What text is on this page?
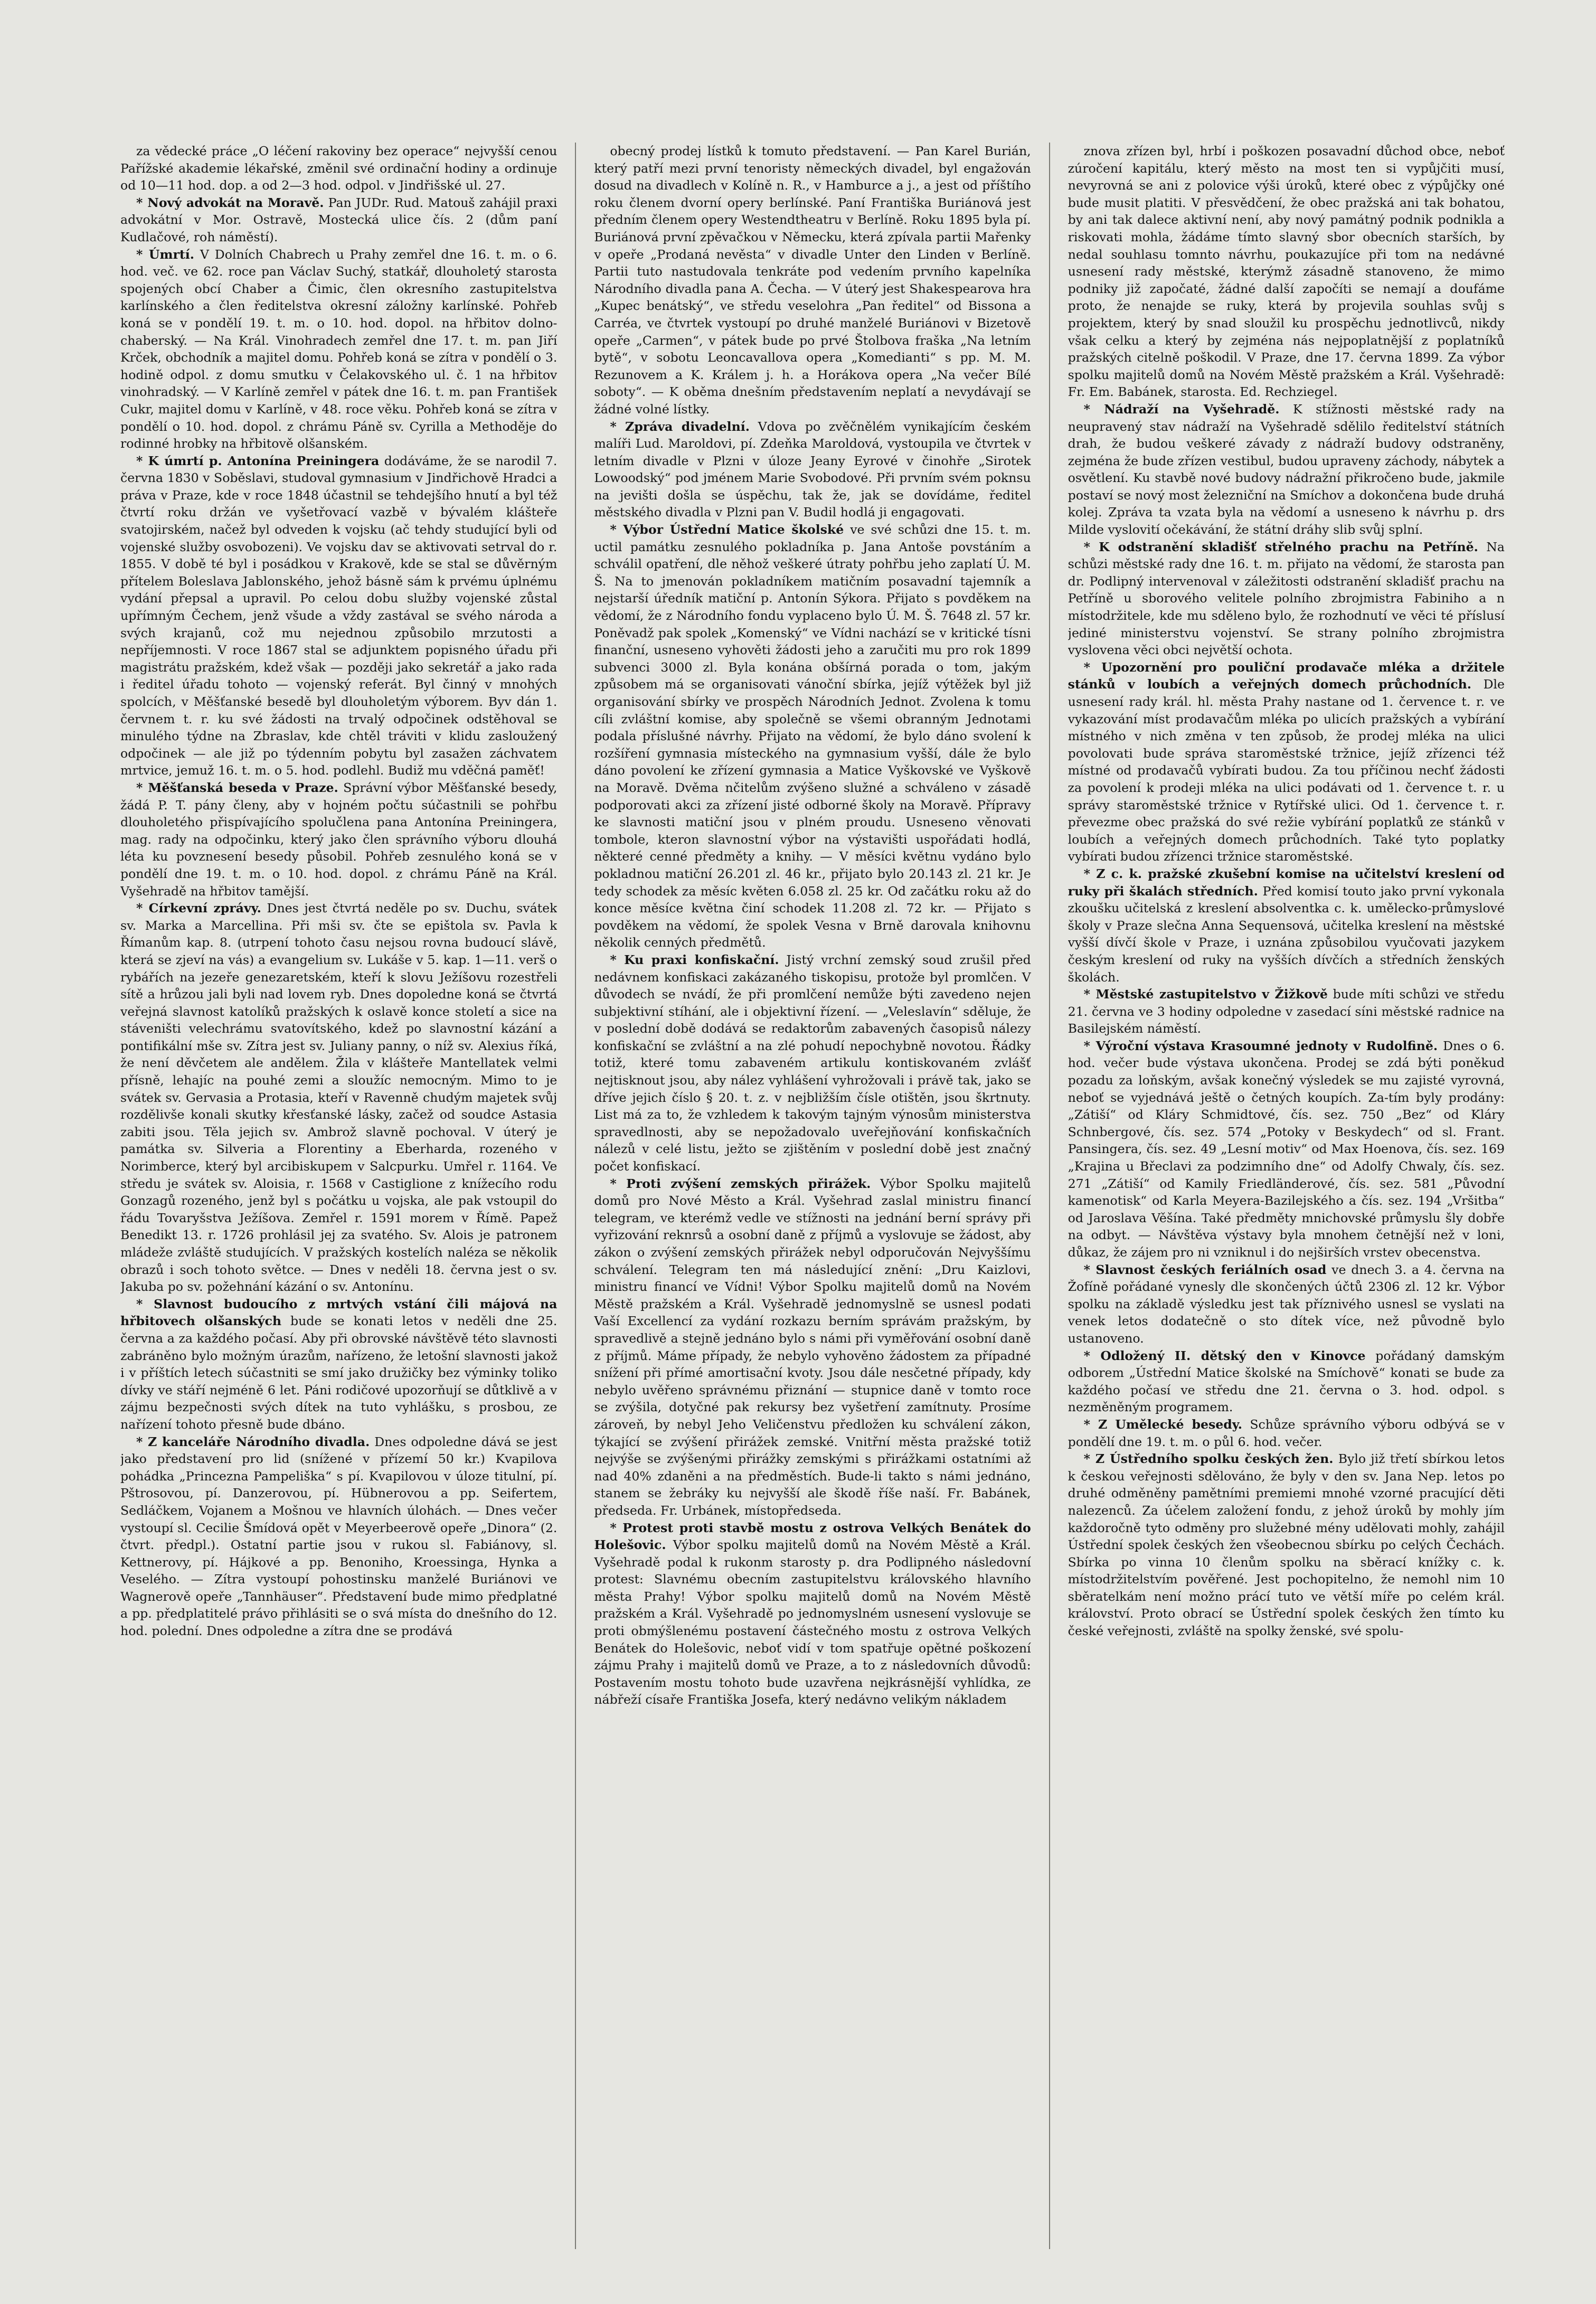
za vědecké práce „O léčení rakoviny bez operace“ nejvyšší cenou Pařížské akademie lékařské, změnil své ordinační hodiny a ordinuje od 10—11 hod. dop. a od 2—3 hod. odpol. v Jindřišské ul. 27.

* Nový advokát na Moravě. Pan JUDr. Rud. Matouš zahájil praxi advokátní v Mor. Ostravě, Mostecká ulice čís. 2 (dům paní Kudlačové, roh náměstí).

* Úmrtí. V Dolních Chabrech u Prahy zemřel dne 16. t. m. o 6. hod. več. ve 62. roce pan Václav Suchý, statkář, dlouholetý starosta spojených obcí Chaber a Čimic, člen okresního zastupitelstva karlínského a člen ředitelstva okresní záložny karlínské. Pohřeb koná se v pondělí 19. t. m. o 10. hod. dopol. na hřbitov dolno-chaberský. — Na Král. Vinohradech zemřel dne 17. t. m. pan Jiří Krček, obchodník a majitel domu. Pohřeb koná se zítra v pondělí o 3. hodině odpol. z domu smutku v Čelakovského ul. č. 1 na hřbitov vinohradský. — V Karlíně zemřel v pátek dne 16. t. m. pan František Cukr, majitel domu v Karlíně, v 48. roce věku. Pohřeb koná se zítra v pondělí o 10. hod. dopol. z chrámu Páně sv. Cyrilla a Methoděje do rodinné hrobky na hřbitově olšanském.

* K úmrtí p. Antonína Preiningera dodáváme, že se narodil 7. června 1830 v Soběslavi, studoval gymnasium v Jindřichově Hradci a práva v Praze, kde v roce 1848 účastnil se tehdejšího hnutí a byl též čtvrtí roku držán ve vyšetřovací vazbě v bývalém klášteře svatojirském, načež byl odveden k vojsku (ač tehdy studující byli od vojenské služby osvobozeni). Ve vojsku dav se aktivovati setrval do r. 1855. V době té byl i posádkou v Krakově, kde se stal se důvěrným přítelem Boleslava Jablonského, jehož básně sám k prvému úplnému vydání přepsal a upravil. Po celou dobu služby vojenské zůstal upřímným Čechem, jenž všude a vždy zastával se svého národa a svých krajanů, což mu nejednou způsobilo mrzutosti a nepříjemnosti. V roce 1867 stal se adjunktem popisného úřadu při magistrátu pražském, kdež však — později jako sekretář a jako rada i ředitel úřadu tohoto — vojenský referát. Byl činný v mnohých spolcích, v Měšťanské besedě byl dlouholetým výborem. Byv dán 1. červnem t. r. ku své žádosti na trvalý odpočinek odstěhoval se minulého týdne na Zbraslav, kde chtěl tráviti v klidu zasloužený odpočinek — ale již po týdenním pobytu byl zasažen záchvatem mrtvice, jemuž 16. t. m. o 5. hod. podlehl. Budiž mu vděčná paměť!

* Měšťanská beseda v Praze. Správní výbor Měšťanské besedy, žádá P. T. pány členy, aby v hojném počtu súčastnili se pohřbu dlouholetého přispívajícího spolučlena pana Antonína Preiningera, mag. rady na odpočinku, který jako člen správního výboru dlouhá léta ku povznesení besedy působil. Pohřeb zesnulého koná se v pondělí dne 19. t. m. o 10. hod. dopol. z chrámu Páně na Král. Vyšehradě na hřbitov tamější.

* Církevní zprávy. Dnes jest čtvrtá neděle po sv. Duchu, svátek sv. Marka a Marcellina. Při mši sv. čte se epištola sv. Pavla k Římanům kap. 8. (utrpení tohoto času nejsou rovna budoucí slávě, která se zjeví na vás) a evangelium sv. Lukáše v 5. kap. 1—11. verš o rybářích na jezeře genezaretském, kteří k slovu Ježíšovu rozestřeli sítě a hrůzou jali byli nad lovem ryb. Dnes dopoledne koná se čtvrtá veřejná slavnost katolíků pražských k oslavě konce století a sice na stáveništi velechrámu svatovítského, kdež po slavnostní kázání a pontifikální mše sv. Zítra jest sv. Juliany panny, o níž sv. Alexius říká, že není děvčetem ale andělem. Žila v klášteře Mantellatek velmi přísně, lehajíc na pouhé zemi a sloužíc nemocným. Mimo to je svátek sv. Gervasia a Protasia, kteří v Ravenně chudým majetek svůj rozdělivše konali skutky křesťanské lásky, začež od soudce Astasia zabiti jsou. Těla jejich sv. Ambrož slavně pochoval. V úterý je památka sv. Silveria a Florentiny a Eberharda, rozeného v Norimberce, který byl arcibiskupem v Salcpurku. Umřel r. 1164. Ve středu je svátek sv. Aloisia, r. 1568 v Castiglione z knížecího rodu Gonzagů rozeného, jenž byl s počátku u vojska, ale pak vstoupil do řádu Tovaryšstva Ježíšova. Zemřel r. 1591 morem v Římě. Papež Benedikt 13. r. 1726 prohlásil jej za svatého. Sv. Alois je patronem mládeže zvláště studujících. V pražských kostelích naléza se několik obrazů i soch tohoto světce. — Dnes v neděli 18. června jest o sv. Jakuba po sv. požehnání kázání o sv. Antonínu.

* Slavnost budoucího z mrtvých vstání čili májová na hřbitovech olšanských bude se konati letos v neděli dne 25. června a za každého počasí. Aby při obrovské návštěvě této slavnosti zabráněno bylo možným úrazům, nařízeno, že letošní slavnosti jakož i v příštích letech súčastniti se smí jako družičky bez výminky toliko dívky ve stáří nejméně 6 let. Páni rodičové upozorňují se důtklivě a v zájmu bezpečnosti svých dítek na tuto vyhlášku, s prosbou, ze nařízení tohoto přesně bude dbáno.

* Z kanceláře Národního divadla. Dnes odpoledne dává se jest jako představení pro lid (snížené v přízemí 50 kr.) Kvapilova pohádka „Princezna Pampeliška“ s pí. Kvapilovou v úloze titulní, pí. Pštrosovou, pí. Danzerovou, pí. Hübnerovou a pp. Seifertem, Sedláčkem, Vojanem a Mošnou ve hlavních úlohách. — Dnes večer vystoupí sl. Cecilie Šmídová opět v Meyerbeerově opeře „Dinora“ (2. čtvrt. předpl.). Ostatní partie jsou v rukou sl. Fabiánovy, sl. Kettnerovy, pí. Hájkové a pp. Benoniho, Kroessinga, Hynka a Veselého. — Zítra vystoupí pohostinsku manželé Buriánovi ve Wagnerově opeře „Tannhäuser“. Představení bude mimo předplatné a pp. předplatitelé právo přihlásiti se o svá místa do dnešního do 12. hod. polední. Dnes odpoledne a zítra dne se prodává

obecný prodej lístků k tomuto představení. — Pan Karel Burián, který patří mezi první tenoristy německých divadel, byl engažován dosud na divadlech v Kolíně n. R., v Hamburce a j., a jest od příštího roku členem dvorní opery berlínské. Paní Františka Buriánová jest předním členem opery Westendtheatru v Berlíně. Roku 1895 byla pí. Buriánová první zpěvačkou v Německu, která zpívala partii Mařenky v opeře „Prodaná nevěsta“ v divadle Unter den Linden v Berlíně. Partii tuto nastudovala tenkráte pod vedením prvního kapelníka Národního divadla pana A. Čecha. — V úterý jest Shakespearova hra „Kupec benátský“, ve středu veselohra „Pan ředitel“ od Bissona a Carréa, ve čtvrtek vystoupí po druhé manželé Buriánovi v Bizetově opeře „Carmen“, v pátek bude po prvé Štolbova fraška „Na letním bytě“, v sobotu Leoncavallova opera „Komedianti“ s pp. M. M. Rezunovem a K. Králem j. h. a Horákova opera „Na večer Bílé soboty“. — K oběma dnešním představením neplatí a nevydávají se žádné volné lístky.

* Zpráva divadelní. Vdova po zvěčnělém vynikajícím českém malíři Lud. Maroldovi, pí. Zdeňka Maroldová, vystoupila ve čtvrtek v letním divadle v Plzni v úloze Jeany Eyrové v činohře „Sirotek Lowoodský“ pod jménem Marie Svobodové. Při prvním svém poknsu na jevišti došla se úspěchu, tak že, jak se dovídáme, ředitel městského divadla v Plzni pan V. Budil hodlá ji engagovati.

* Výbor Ústřední Matice školské ve své schůzi dne 15. t. m. uctil památku zesnulého pokladníka p. Jana Antoše povstáním a schválil opatření, dle něhož veškeré útraty pohřbu jeho zaplatí Ú. M. Š. Na to jmenován pokladníkem matičním posavadní tajemník a nejstarší úředník matiční p. Antonín Sýkora. Přijato s povděkem na vědomí, že z Národního fondu vyplaceno bylo Ú. M. Š. 7648 zl. 57 kr. Poněvadž pak spolek „Komenský“ ve Vídni nachází se v kritické tísni finanční, usneseno vyhověti žádosti jeho a zaručiti mu pro rok 1899 subvenci 3000 zl. Byla konána obšírná porada o tom, jakým způsobem má se organisovati vánoční sbírka, jejíž výtěžek byl již organisování sbírky ve prospěch Národních Jednot. Zvolena k tomu cíli zvláštní komise, aby společně se všemi obranným Jednotami podala příslušné návrhy. Přijato na vědomí, že bylo dáno svolení k rozšíření gymnasia místeckého na gymnasium vyšší, dále že bylo dáno povolení ke zřízení gymnasia a Matice Vyškovské ve Vyškově na Moravě. Dvěma nčitelům zvýšeno služné a schváleno v zásadě podporovati akci za zřízení jisté odborné školy na Moravě. Přípravy ke slavnosti matiční jsou v plném proudu. Usneseno věnovati tombole, kteron slavnostní výbor na výstavišti uspořádati hodlá, některé cenné předměty a knihy. — V měsíci květnu vydáno bylo pokladnou matiční 26.201 zl. 46 kr., přijato bylo 20.143 zl. 21 kr. Je tedy schodek za měsíc květen 6.058 zl. 25 kr. Od začátku roku až do konce měsíce května činí schodek 11.208 zl. 72 kr. — Přijato s povděkem na vědomí, že spolek Vesna v Brně darovala knihovnu několik cenných předmětů.

* Ku praxi konfiskační. Jistý vrchní zemský soud zrušil před nedávnem konfiskaci zakázaného tiskopisu, protože byl promlčen. V důvodech se nvádí, že při promlčení nemůže býti zavedeno nejen subjektivní stíhání, ale i objektivní řízení. — „Veleslavín“ sděluje, že v poslední době dodává se redaktorům zabavených časopisů nálezy konfiskační se zvláštní a na zlé pohudí nepochybně novotou. Řádky totiž, které tomu zabaveném artikulu kontiskovaném zvlášť nejtisknout jsou, aby nález vyhlášení vyhrožovali i právě tak, jako se dříve jejich číslo § 20. t. z. v nejbližším čísle otištěn, jsou škrtnuty. List má za to, že vzhledem k takovým tajným výnosům ministerstva spravedlnosti, aby se nepožadovalo uveřejňování konfiskačních nálezů v celé listu, ježto se zjištěním v poslední době jest značný počet konfiskací.

* Proti zvýšení zemských přirážek. Výbor Spolku majitelů domů pro Nové Město a Král. Vyšehrad zaslal ministru financí telegram, ve kterémž vedle ve stížnosti na jednání berní správy při vyřizování reknrsů a osobní daně z příjmů a vyslovuje se žádost, aby zákon o zvýšení zemských přirážek nebyl odporučován Nejvyššímu schválení. Telegram ten má následující znění: „Dru Kaizlovi, ministru financí ve Vídni! Výbor Spolku majitelů domů na Novém Městě pražském a Král. Vyšehradě jednomyslně se usnesl podati Vaší Excellencí za vydání rozkazu berním správám pražským, by spravedlivě a stejně jednáno bylo s námi při vyměřování osobní daně z příjmů. Máme případy, že nebylo vyhověno žádostem za případné snížení při přímé amortisační kvoty. Jsou dále nesčetné případy, kdy nebylo uvěřeno správnému přiznání — stupnice daně v tomto roce se zvýšila, dotyčné pak rekursy bez vyšetření zamítnuty. Prosíme zároveň, by nebyl Jeho Veličenstvu předložen ku schválení zákon, týkající se zvýšení přirážek zemské. Vnitřní města pražské totiž nejvýše se zvýšenými přirážky zemskými s přirážkami ostatními až nad 40% zdaněni a na předměstích. Bude-li takto s námi jednáno, stanem se žebráky ku nejvyšší ale škodě říše naší. Fr. Babánek, předseda. Fr. Urbánek, místopředseda.

* Protest proti stavbě mostu z ostrova Velkých Benátek do Holešovic. Výbor spolku majitelů domů na Novém Městě a Král. Vyšehradě podal k rukonm starosty p. dra Podlipného následovní protest: Slavnému obecním zastupitelstvu královského hlavního města Prahy! Výbor spolku majitelů domů na Novém Městě pražském a Král. Vyšehradě po jednomyslném usnesení vyslovuje se proti obmýšlenému postavení částečného mostu z ostrova Velkých Benátek do Holešovic, neboť vidí v tom spatřuje opětné poškození zájmu Prahy i majitelů domů ve Praze, a to z následovních důvodů: Postavením mostu tohoto bude uzavřena nejkrásnější vyhlídka, ze nábřeží císaře Františka Josefa, který nedávno velikým nákladem

znova zřízen byl, hrbí i poškozen posavadní důchod obce, neboť zúročení kapitálu, který město na most ten si vypůjčiti musí, nevyrovná se ani z polovice výši úroků, které obec z výpůjčky oné bude musit platiti. V přesvědčení, že obec pražská ani tak bohatou, by ani tak dalece aktivní není, aby nový památný podnik podnikla a riskovati mohla, žádáme tímto slavný sbor obecních starších, by nedal souhlasu tomnto návrhu, poukazujíce při tom na nedávné usnesení rady městské, kterýmž zásadně stanoveno, že mimo podniky již započaté, žádné další započíti se nemají a doufáme proto, že nenajde se ruky, která by projevila souhlas svůj s projektem, který by snad sloužil ku prospěchu jednotlivců, nikdy však celku a který by zejména nás nejpoplatnější z poplatníků pražských citelně poškodil. V Praze, dne 17. června 1899. Za výbor spolku majitelů domů na Novém Městě pražském a Král. Vyšehradě: Fr. Em. Babánek, starosta. Ed. Rechziegel.

* Nádraží na Vyšehradě. K stížnosti městské rady na neupravený stav nádraží na Vyšehradě sdělilo ředitelství státních drah, že budou veškeré závady z nádraží budovy odstraněny, zejména že bude zřízen vestibul, budou upraveny záchody, nábytek a osvětlení. Ku stavbě nové budovy nádražní přikročeno bude, jakmile postaví se nový most železniční na Smíchov a dokončena bude druhá kolej. Zpráva ta vzata byla na vědomí a usneseno k návrhu p. drs Milde vyslovití očekávání, že státní dráhy slib svůj splní.

* K odstranění skladišť střelného prachu na Petříně. Na schůzi městské rady dne 16. t. m. přijato na vědomí, že starosta pan dr. Podlipný intervenoval v záležitosti odstranění skladišť prachu na Petříně u sborového velitele polního zbrojmistra Fabiniho a n místodržitele, kde mu sděleno bylo, že rozhodnutí ve věci té příslusí jediné ministerstvu vojenství. Se strany polního zbrojmistra vyslovena věci obci největší ochota.

* Upozornění pro pouliční prodavače mléka a držitele stánků v loubích a veřejných domech průchodních. Dle usnesení rady král. hl. města Prahy nastane od 1. července t. r. ve vykazování míst prodavačům mléka po ulicích pražských a vybírání místného v nich změna v ten způsob, že prodej mléka na ulici povolovati bude správa staroměstské tržnice, jejíž zřízenci též místné od prodavačů vybírati budou. Za tou příčinou nechť žádosti za povolení k prodeji mléka na ulici podávati od 1. července t. r. u správy staroměstské tržnice v Rytířské ulici. Od 1. července t. r. převezme obec pražská do své režie vybírání poplatků ze stánků v loubích a veřejných domech průchodních. Také tyto poplatky vybírati budou zřízenci tržnice staroměstské.

* Z c. k. pražské zkušební komise na učitelství kreslení od ruky při škalách středních. Před komisí touto jako první vykonala zkoušku učitelská z kreslení absolventka c. k. umělecko-průmyslové školy v Praze slečna Anna Sequensová, učitelka kreslení na městské vyšší dívčí škole v Praze, i uznána způsobilou vyučovati jazykem českým kreslení od ruky na vyšších dívčích a středních ženských školách.

* Městské zastupitelstvo v Žižkově bude míti schůzi ve středu 21. června ve 3 hodiny odpoledne v zasedací síni městské radnice na Basilejském náměstí.

* Výroční výstava Krasoumné jednoty v Rudolfině. Dnes o 6. hod. večer bude výstava ukončena. Prodej se zdá býti poněkud pozadu za loňským, avšak konečný výsledek se mu zajisté vyrovná, neboť se vyjednává ještě o četných koupích. Za-tím byly prodány: „Zátiší“ od Kláry Schmidtové, čís. sez. 750 „Bez“ od Kláry Schnbergové, čís. sez. 574 „Potoky v Beskydech“ od sl. Frant. Pansingera, čís. sez. 49 „Lesní motiv“ od Max Hoenova, čís. sez. 169 „Krajina u Břeclavi za podzimního dne“ od Adolfy Chwaly, čís. sez. 271 „Zátiší“ od Kamily Friedländerové, čís. sez. 581 „Původní kamenotisk“ od Karla Meyera-Bazilejského a čís. sez. 194 „Vršitba“ od Jaroslava Věšína. Také předměty mnichovské průmyslu šly dobře na odbyt. — Návštěva výstavy byla mnohem četnější než v loni, důkaz, že zájem pro ni vzniknul i do nejširších vrstev obecenstva.

* Slavnost českých feriálních osad ve dnech 3. a 4. června na Žofíně pořádané vynesly dle skončených účtů 2306 zl. 12 kr. Výbor spolku na základě výsledku jest tak příznivého usnesl se vyslati na venek letos dodatečně o sto dítek více, než původně bylo ustanoveno.

* Odložený II. dětský den v Kinovce pořádaný damským odborem „Ústřední Matice školské na Smíchově“ konati se bude za každého počasí ve středu dne 21. června o 3. hod. odpol. s nezměněným programem.

* Z Umělecké besedy. Schůze správního výboru odbývá se v pondělí dne 19. t. m. o půl 6. hod. večer.

* Z Ústředního spolku českých žen. Bylo již třetí sbírkou letos k českou veřejnosti sdělováno, že byly v den sv. Jana Nep. letos po druhé odměněny pamětními premiemi mnohé vzorné pracující děti nalezenců. Za účelem založení fondu, z jehož úroků by mohly jím každoročně tyto odměny pro služebné mény udělovati mohly, zahájil Ústřední spolek českých žen všeobecnou sbírku po celých Čechách. Sbírka po vinna 10 členům spolku na sběrací knížky c. k. místodržitelstvím pověřené. Jest pochopitelno, že nemohl nim 10 sběratelkám není možno prácí tuto ve větší míře po celém král. království. Proto obrací se Ústřední spolek českých žen tímto ku české veřejnosti, zvláště na spolky ženské, své spolu-
